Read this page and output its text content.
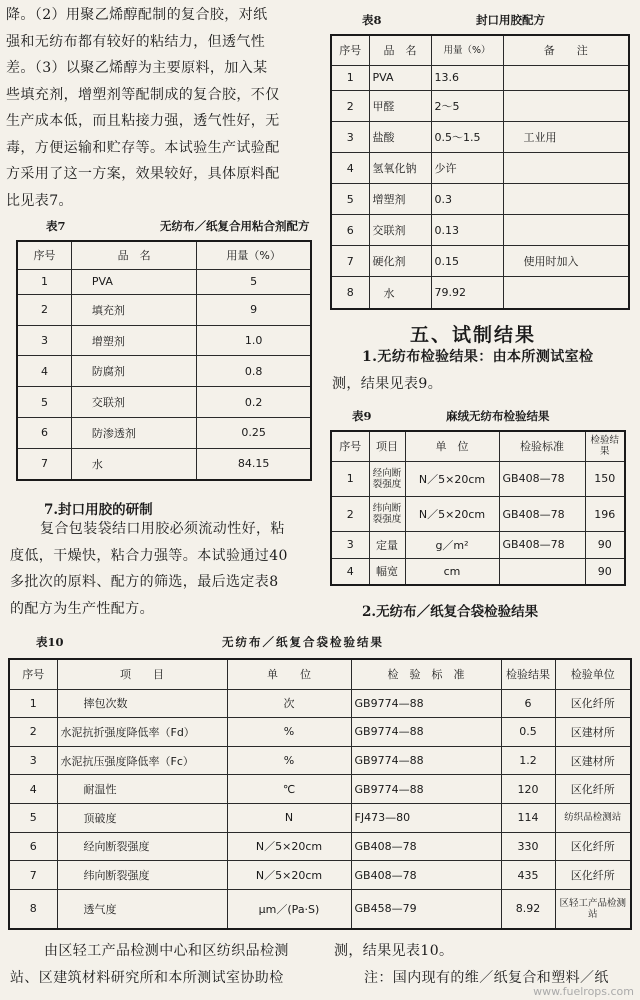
降。（2）用聚乙烯醇配制的复合胶，对纸

强和无纺布都有较好的粘结力，但透气性

差。（3）以聚乙烯醇为主要原料，加入某

些填充剂，增塑剂等配制成的复合胶，不仅

生产成本低，而且粘接力强，透气性好，无

毒，方便运输和贮存等。本试验生产试验配

方采用了这一方案，效果较好，具体原料配

比见表7。

表7	无纺布／纸复合用粘合剂配方
序号	品　名	用量（%）
1	PVA	5
2	填充剂	9
3	增塑剂	1.0
4	防腐剂	0.8
5	交联剂	0.2
6	防渗透剂	0.25
7	水	84.15
7.封口用胶的研制

复合包装袋结口用胶必须流动性好，粘

度低，干燥快，粘合力强等。本试验通过40

多批次的原料、配方的筛选，最后选定表8

的配方为生产性配方。

表8	封口用胶配方
序号	品　名	用量（%）	备　　注
1	PVA	13.6	
2	甲醛	2～5	
3	盐酸	0.5～1.5	工业用
4	氢氧化钠	少许	
5	增塑剂	0.3	
6	交联剂	0.13	
7	硬化剂	0.15	使用时加入
8	水	79.92	
五、试制结果

1.无纺布检验结果：由本所测试室检

测，结果见表9。

表9	麻绒无纺布检验结果
序号	项目	单　位	检验标准	检验结果
1	经向断裂强度	N／5×20cm	GB408—78	150
2	纬向断裂强度	N／5×20cm	GB408—78	196
3	定量	g／m²	GB408—78	90
4	幅宽	cm		90
2.无纺布／纸复合袋检验结果
表10	无纺布／纸复合袋检验结果
序号	项　　目	单　　位	检　验　标　准	检验结果	检验单位
1	摔包次数	次	GB9774—88	6	区化纤所
2	水泥抗折强度降低率（Fd）	%	GB9774—88	0.5	区建材所
3	水泥抗压强度降低率（Fc）	%	GB9774—88	1.2	区建材所
4	耐温性	℃	GB9774—88	120	区化纤所
5	顶破度	N	FJ473—80	114	纺织品检测站
6	经向断裂强度	N／5×20cm	GB408—78	330	区化纤所
7	纬向断裂强度	N／5×20cm	GB408—78	435	区化纤所
8	透气度	μm／(Pa·S)	GB458—79	8.92	区轻工产品检测站

由区轻工产品检测中心和区纺织品检测

站、区建筑材料研究所和本所测试室协助检

测，结果见表10。

注：国内现有的维／纸复合和塑料／纸

www.fuelrops.com
